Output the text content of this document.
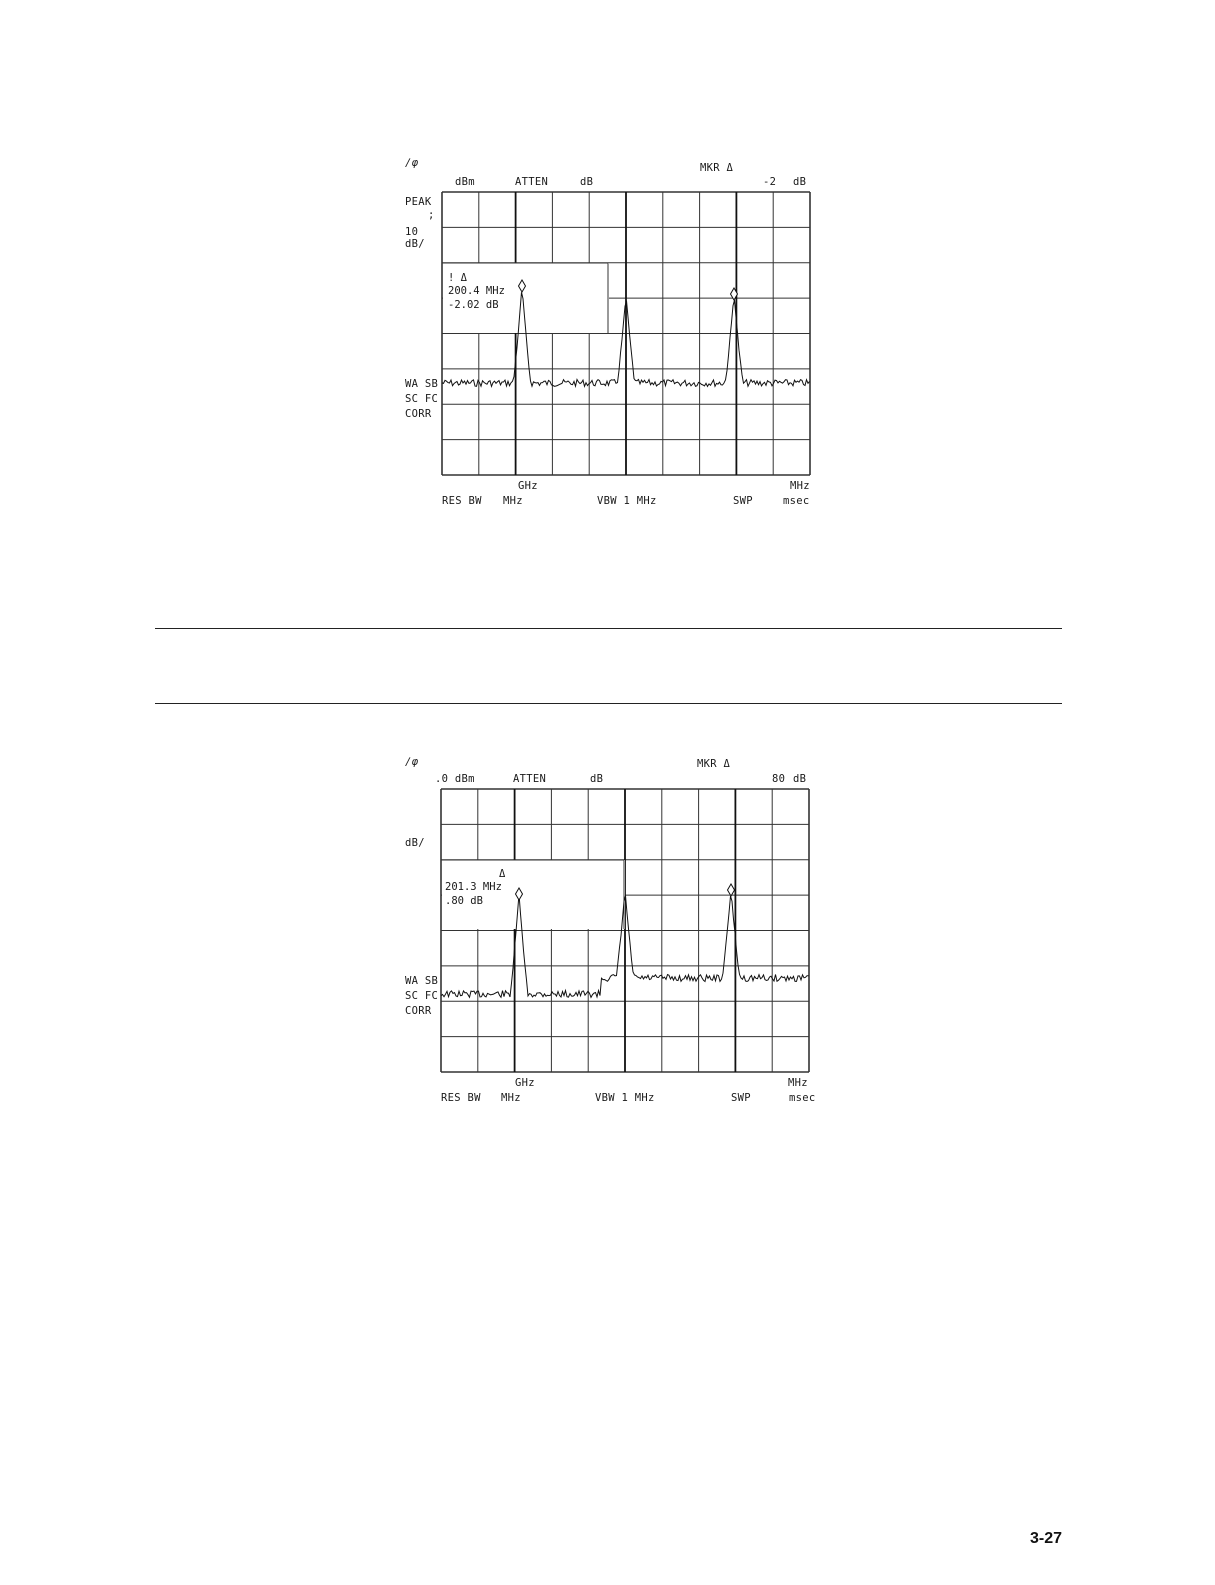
∕φ
dBm	ATTEN	dB
MKR Δ
-2 dB
PEAK
;
10
dB/
WA SB
SC FC
CORR
! Δ
200.4 MHz
-2.02 dB
GHz	MHz
RES BW MHz	VBW 1 MHz	SWP	msec
∕φ
.0 dBm	ATTEN	dB
MKR Δ
80 dB
dB/
WA SB
SC FC
CORR
Δ
201.3 MHz
.80 dB
GHz	MHz
RES BW MHz	VBW 1 MHz	SWP	msec
3-27
